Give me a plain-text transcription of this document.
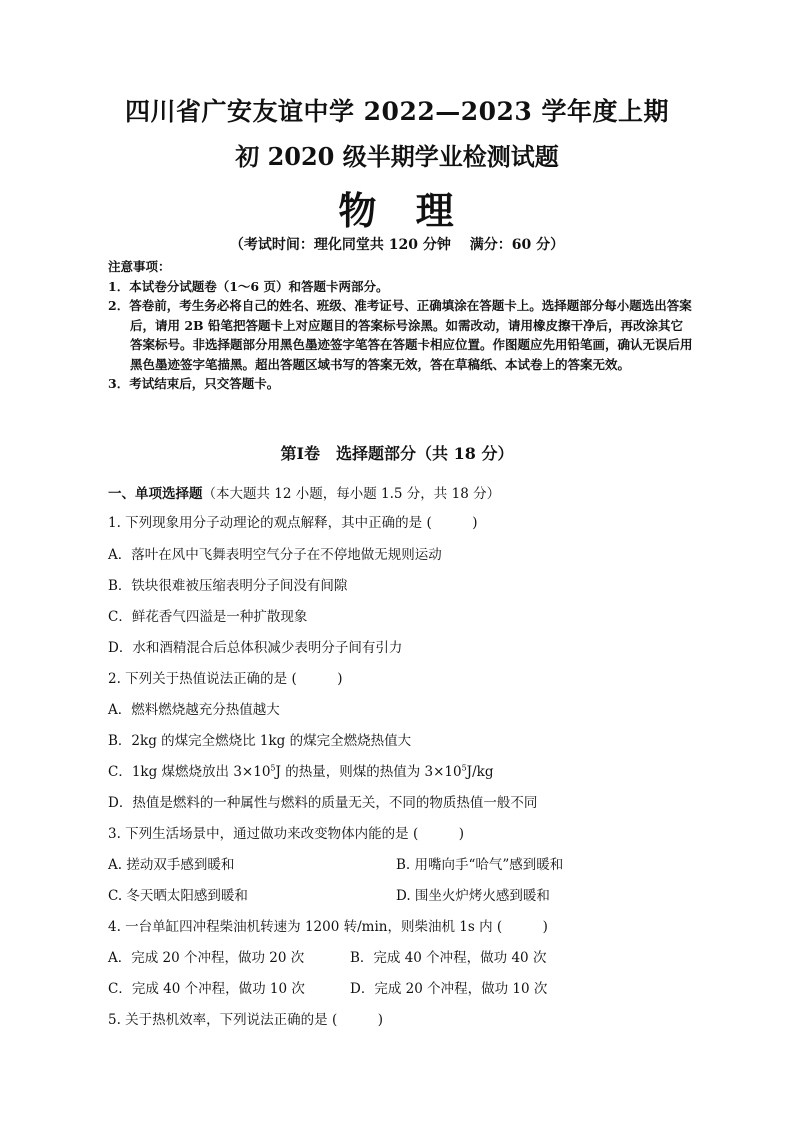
四川省广安友谊中学 2022—2023 学年度上期
初 2020 级半期学业检测试题
物 理
（考试时间：理化同堂共 120 分钟　 满分：60 分）
注意事项：
1．本试卷分试题卷（1～6 页）和答题卡两部分。
2．答卷前，考生务必将自己的姓名、班级、准考证号、正确填涂在答题卡上。选择题部分每小题选出答案后，请用 2B 铅笔把答题卡上对应题目的答案标号涂黑。如需改动，请用橡皮擦干净后，再改涂其它答案标号。非选择题部分用黑色墨迹签字笔答在答题卡相应位置。作图题应先用铅笔画，确认无误后用黑色墨迹签字笔描黑。超出答题区域书写的答案无效，答在草稿纸、本试卷上的答案无效。
3．考试结束后，只交答题卡。
第Ⅰ卷　选择题部分（共 18 分）
一、单项选择题（本大题共 12 小题，每小题 1.5 分，共 18 分）
1. 下列现象用分子动理论的观点解释，其中正确的是 (　　　)
A．落叶在风中飞舞表明空气分子在不停地做无规则运动
B．铁块很难被压缩表明分子间没有间隙
C．鲜花香气四溢是一种扩散现象
D．水和酒精混合后总体积减少表明分子间有引力
2. 下列关于热值说法正确的是 (　　　)
A．燃料燃烧越充分热值越大
B．2kg 的煤完全燃烧比 1kg 的煤完全燃烧热值大
C．1kg 煤燃烧放出 $3\times 10^5J$ 的热量，则煤的热值为 $3\times 10^5J/kg$
D．热值是燃料的一种属性与燃料的质量无关，不同的物质热值一般不同
3. 下列生活场景中，通过做功来改变物体内能的是 (　　　)
A. 搓动双手感到暖和	B. 用嘴向手“哈气”感到暖和
C. 冬天晒太阳感到暖和	D. 围坐火炉烤火感到暖和
4. 一台单缸四冲程柴油机转速为 1200 转/min，则柴油机 1s 内 (　　　)
A．完成 20 个冲程，做功 20 次	B．完成 40 个冲程，做功 40 次
C．完成 40 个冲程，做功 10 次	D．完成 20 个冲程，做功 10 次
5. 关于热机效率，下列说法正确的是 (　　　)
